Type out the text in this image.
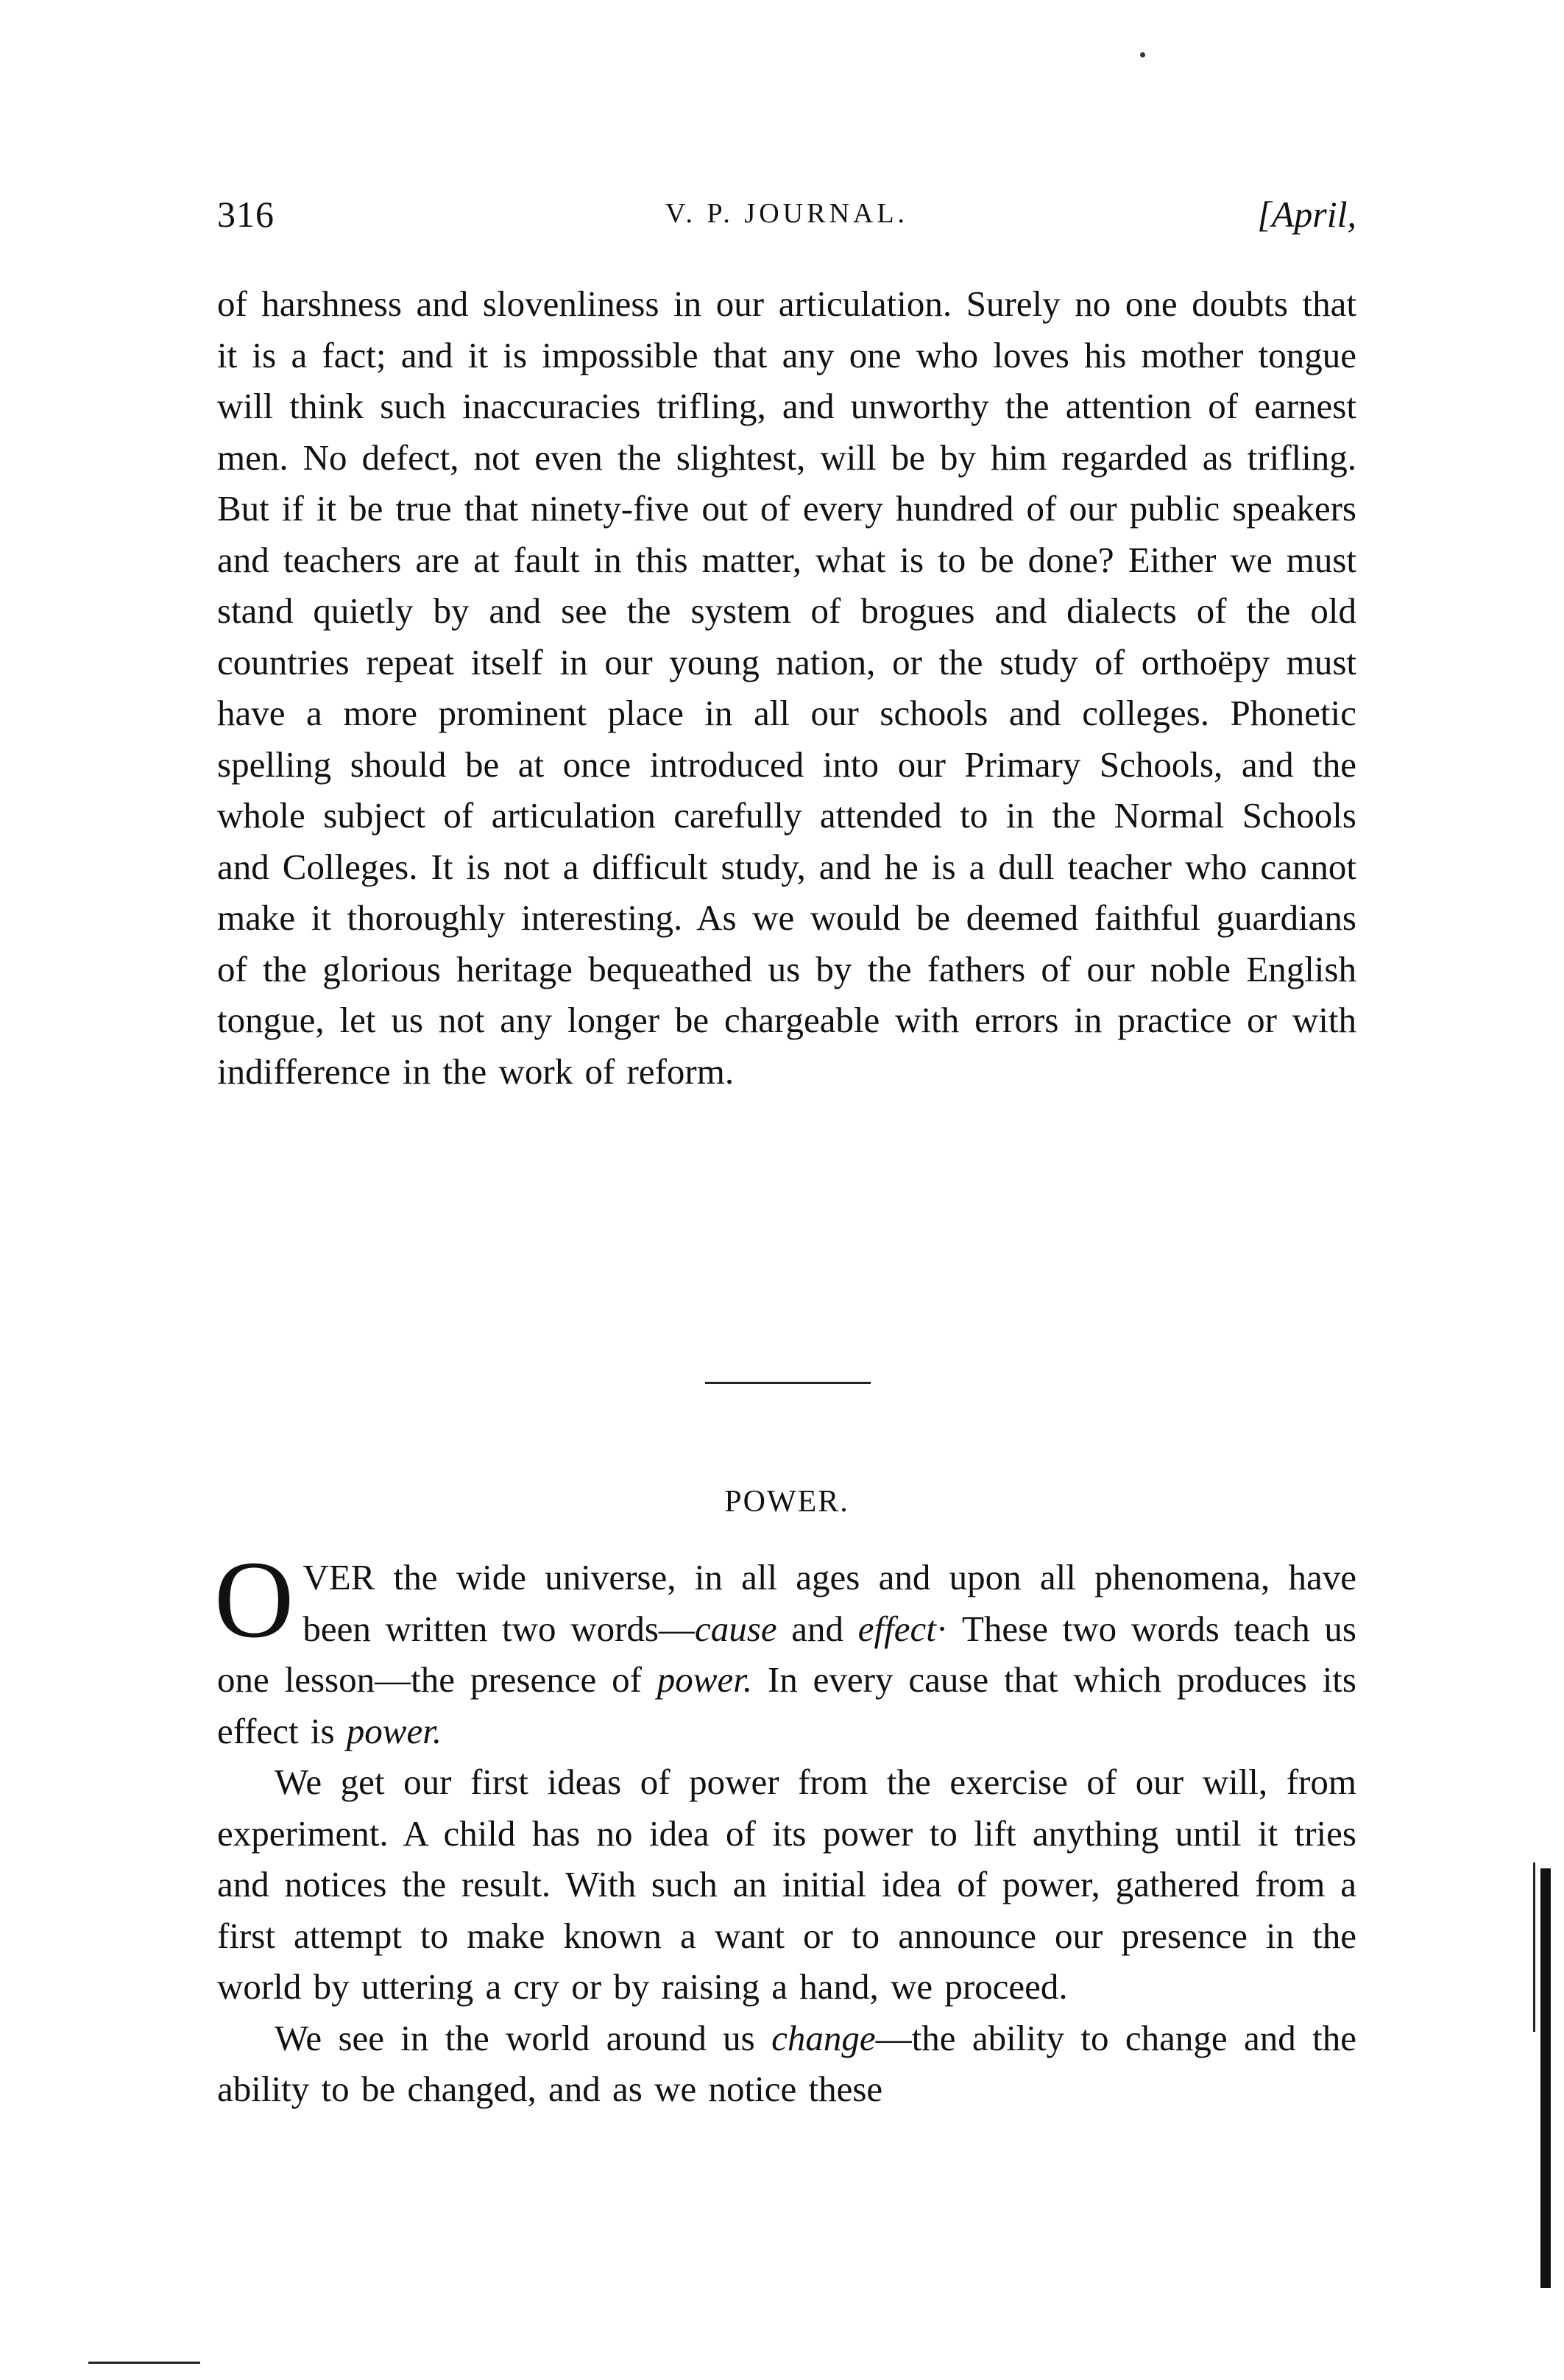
316	V. P. JOURNAL.	[April,

of harshness and slovenliness in our articulation. Surely no one doubts that it is a fact; and it is impossible that any one who loves his mother tongue will think such inaccuracies trifling, and unworthy the attention of earnest men. No defect, not even the slightest, will be by him regarded as trifling. But if it be true that ninety-five out of every hundred of our public speakers and teachers are at fault in this matter, what is to be done? Either we must stand quietly by and see the system of brogues and dialects of the old countries repeat itself in our young nation, or the study of orthoëpy must have a more prominent place in all our schools and colleges. Phonetic spelling should be at once introduced into our Primary Schools, and the whole subject of articulation carefully attended to in the Normal Schools and Colleges. It is not a difficult study, and he is a dull teacher who cannot make it thoroughly interesting. As we would be deemed faithful guardians of the glorious heritage bequeathed us by the fathers of our noble English tongue, let us not any longer be chargeable with errors in practice or with indifference in the work of reform.

POWER.
O VER the wide universe, in all ages and upon all phenomena, have been written two words—cause and effect· These two words teach us one lesson—the presence of power. In every cause that which produces its effect is power.

We get our first ideas of power from the exercise of our will, from experiment. A child has no idea of its power to lift anything until it tries and notices the result. With such an initial idea of power, gathered from a first attempt to make known a want or to announce our presence in the world by uttering a cry or by raising a hand, we proceed.

We see in the world around us change—the ability to change and the ability to be changed, and as we notice these
